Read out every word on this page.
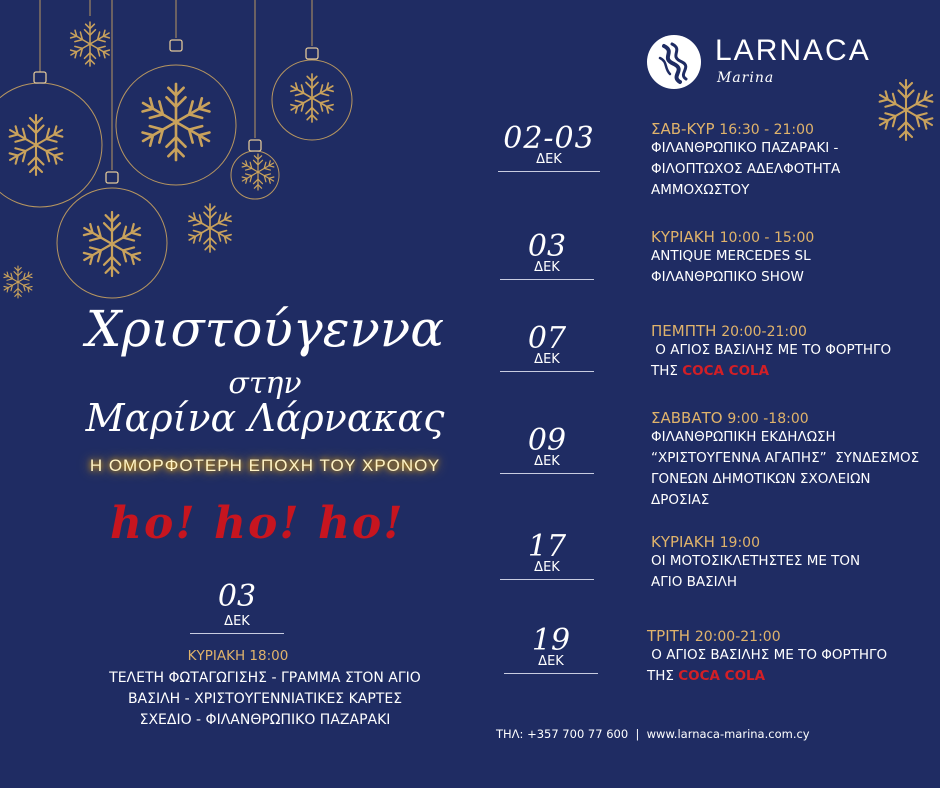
LARNACA
Marina
Χριστούγεννα
στην
Μαρίνα Λάρνακας
Η ΟΜΟΡΦΟΤΕΡΗ ΕΠΟΧΗ ΤΟΥ ΧΡΟΝΟΥ
ho! ho! ho!
03
ΔΕΚ
ΚΥΡΙΑΚΗ 18:00
ΤΕΛΕΤΗ ΦΩΤΑΓΩΓΙΣΗΣ - ΓΡΑΜΜΑ ΣΤΟΝ ΑΓΙΟ
ΒΑΣΙΛΗ - ΧΡΙΣΤΟΥΓΕΝΝΙΑΤΙΚΕΣ ΚΑΡΤΕΣ
ΣΧΕΔΙΟ - ΦΙΛΑΝΘΡΩΠΙΚΟ ΠΑΖΑΡΑΚΙ
02-03
ΔΕΚ
ΣΑΒ-ΚΥΡ 16:30 - 21:00
ΦΙΛΑΝΘΡΩΠΙΚΟ ΠΑΖΑΡΑΚΙ -
ΦΙΛΟΠΤΩΧΟΣ ΑΔΕΛΦΟΤΗΤΑ
ΑΜΜΟΧΩΣΤΟΥ
03
ΔΕΚ
ΚΥΡΙΑΚΗ 10:00 - 15:00
ANTIQUE MERCEDES SL
ΦΙΛΑΝΘΡΩΠΙΚΟ SHOW
07
ΔΕΚ
ΠΕΜΠΤΗ 20:00-21:00
Ο ΑΓΙΟΣ ΒΑΣΙΛΗΣ ΜΕ ΤΟ ΦΟΡΤΗΓΟ
ΤΗΣ COCA COLA
09
ΔΕΚ
ΣΑΒΒΑΤΟ 9:00 -18:00
ΦΙΛΑΝΘΡΩΠΙΚΗ ΕΚΔΗΛΩΣΗ
“ΧΡΙΣΤΟΥΓΕΝΝΑ ΑΓΑΠΗΣ”  ΣΥΝΔΕΣΜΟΣ
ΓΟΝΕΩΝ ΔΗΜΟΤΙΚΩΝ ΣΧΟΛΕΙΩΝ
ΔΡΟΣΙΑΣ
17
ΔΕΚ
ΚΥΡΙΑΚΗ 19:00
ΟΙ ΜΟΤΟΣΙΚΛΕΤΗΣΤΕΣ ΜΕ ΤΟΝ
ΑΓΙΟ ΒΑΣΙΛΗ
19
ΔΕΚ
ΤΡΙΤΗ 20:00-21:00
Ο ΑΓΙΟΣ ΒΑΣΙΛΗΣ ΜΕ ΤΟ ΦΟΡΤΗΓΟ
ΤΗΣ COCA COLA
ΤΗΛ: +357 700 77 600  |  www.larnaca-marina.com.cy
